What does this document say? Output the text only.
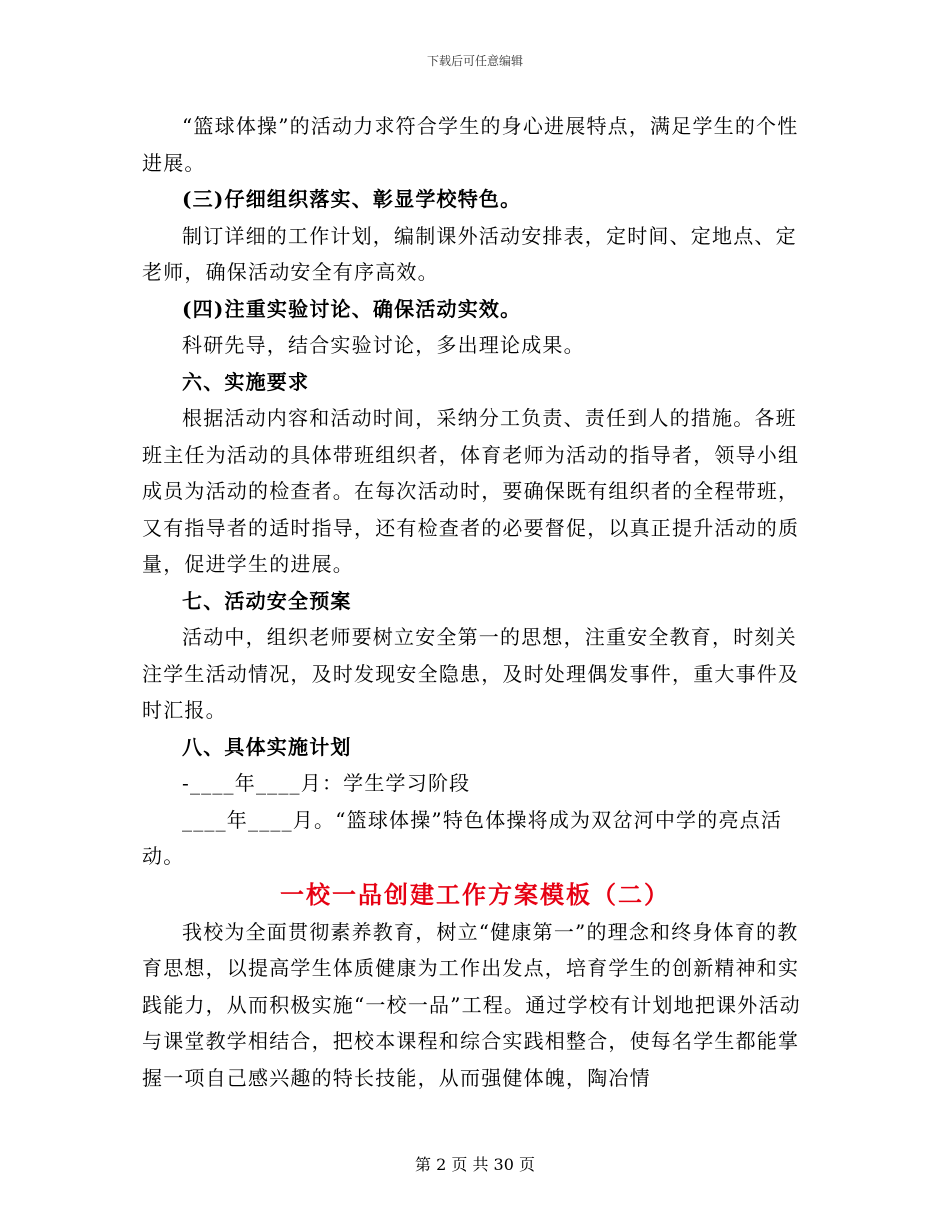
下载后可任意编辑

“篮球体操”的活动力求符合学生的身心进展特点，满足学生的个性进展。

(三)仔细组织落实、彰显学校特色。

制订详细的工作计划，编制课外活动安排表，定时间、定地点、定老师，确保活动安全有序高效。

(四)注重实验讨论、确保活动实效。

科研先导，结合实验讨论，多出理论成果。

六、实施要求

根据活动内容和活动时间，采纳分工负责、责任到人的措施。各班班主任为活动的具体带班组织者，体育老师为活动的指导者，领导小组成员为活动的检查者。在每次活动时，要确保既有组织者的全程带班，又有指导者的适时指导，还有检查者的必要督促，以真正提升活动的质量，促进学生的进展。

七、活动安全预案

活动中，组织老师要树立安全第一的思想，注重安全教育，时刻关注学生活动情况，及时发现安全隐患，及时处理偶发事件，重大事件及时汇报。

八、具体实施计划

-____年____月：学生学习阶段

____年____月。“篮球体操”特色体操将成为双岔河中学的亮点活动。

一校一品创建工作方案模板（二）

我校为全面贯彻素养教育，树立“健康第一”的理念和终身体育的教育思想，以提高学生体质健康为工作出发点，培育学生的创新精神和实践能力，从而积极实施“一校一品”工程。通过学校有计划地把课外活动与课堂教学相结合，把校本课程和综合实践相整合，使每名学生都能掌握一项自己感兴趣的特长技能，从而强健体魄，陶冶情

第 2 页 共 30 页
